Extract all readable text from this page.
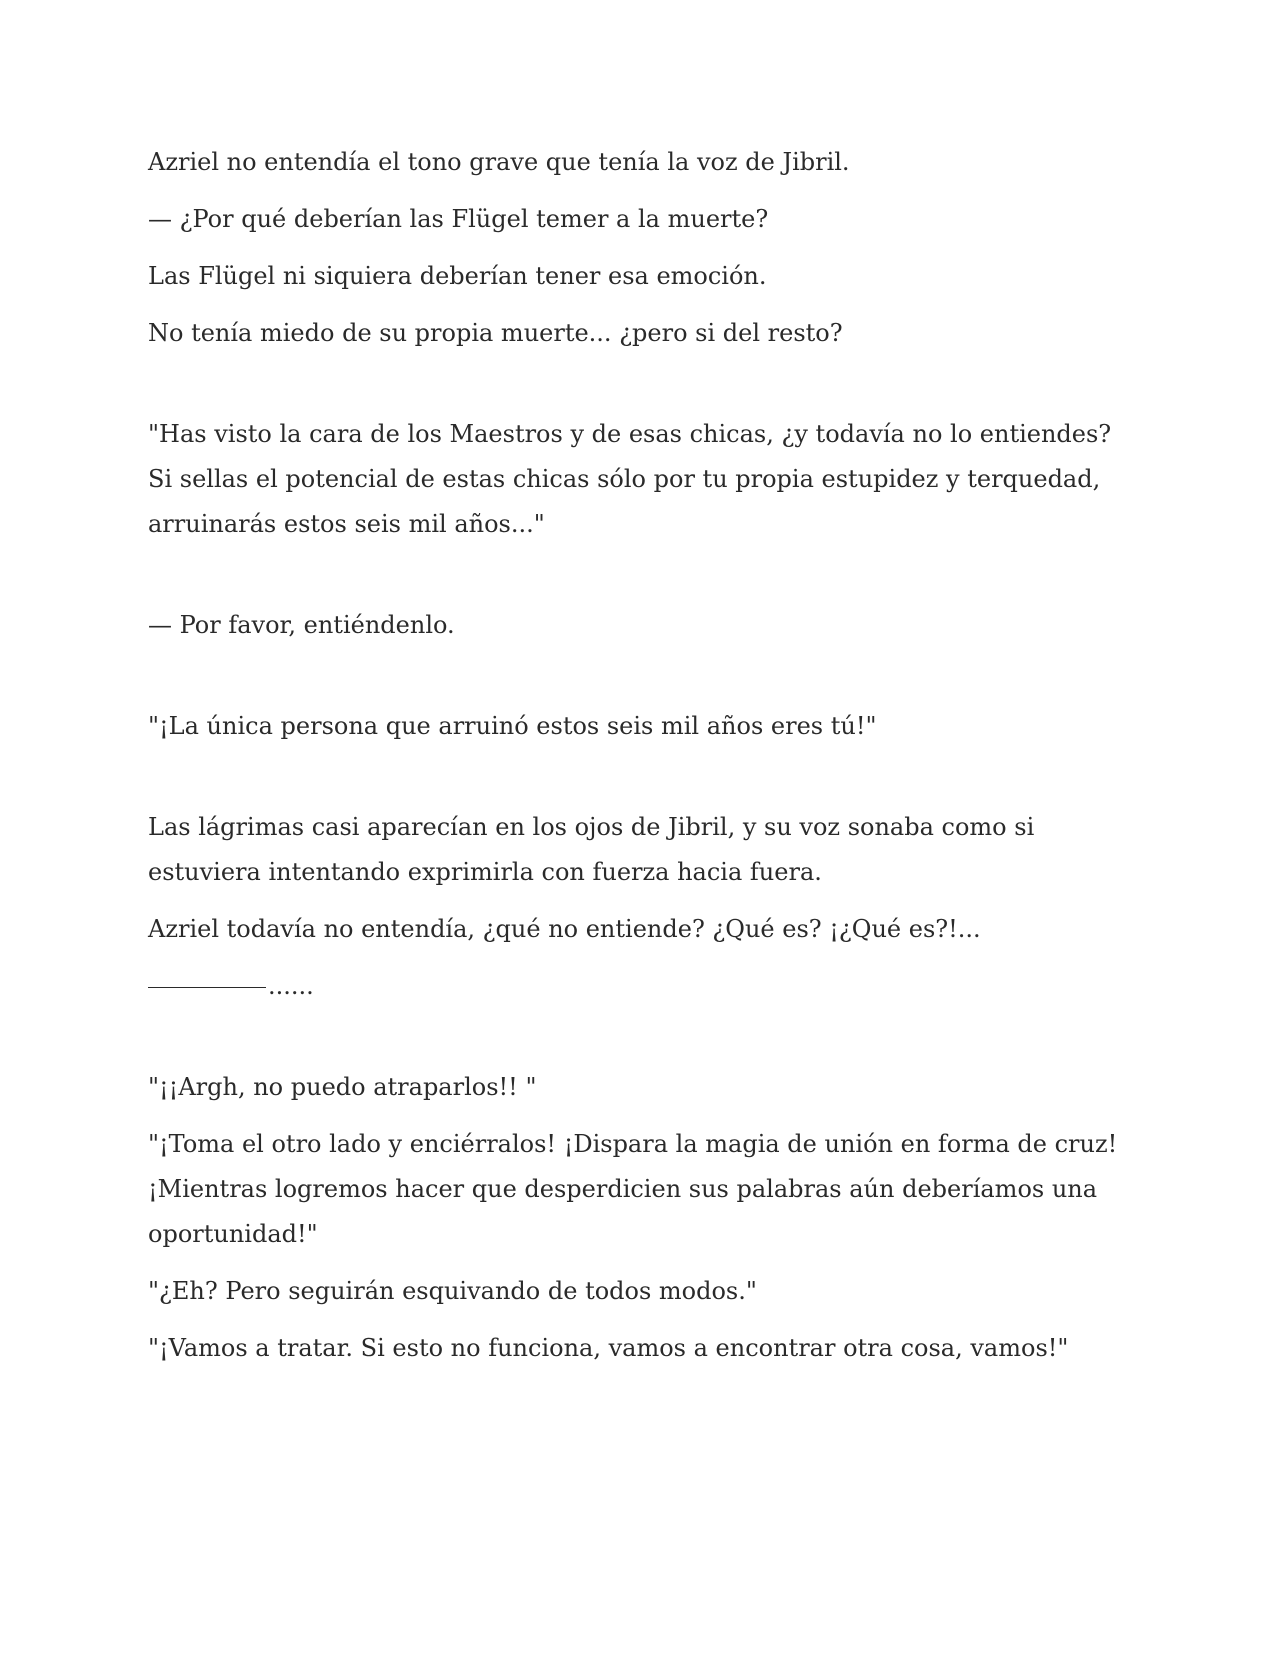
Azriel no entendía el tono grave que tenía la voz de Jibril.

— ¿Por qué deberían las Flügel temer a la muerte?

Las Flügel ni siquiera deberían tener esa emoción.

No tenía miedo de su propia muerte... ¿pero si del resto?

"Has visto la cara de los Maestros y de esas chicas, ¿y todavía no lo entiendes? Si sellas el potencial de estas chicas sólo por tu propia estupidez y terquedad, arruinarás estos seis mil años..."

— Por favor, entiéndenlo.

"¡La única persona que arruinó estos seis mil años eres tú!"

Las lágrimas casi aparecían en los ojos de Jibril, y su voz sonaba como si estuviera intentando exprimirla con fuerza hacia fuera.

Azriel todavía no entendía, ¿qué no entiende? ¿Qué es? ¡¿Qué es?!...

......

"¡¡Argh, no puedo atraparlos!! "

"¡Toma el otro lado y enciérralos! ¡Dispara la magia de unión en forma de cruz! ¡Mientras logremos hacer que desperdicien sus palabras aún deberíamos una oportunidad!"

"¿Eh? Pero seguirán esquivando de todos modos."

"¡Vamos a tratar. Si esto no funciona, vamos a encontrar otra cosa, vamos!"
